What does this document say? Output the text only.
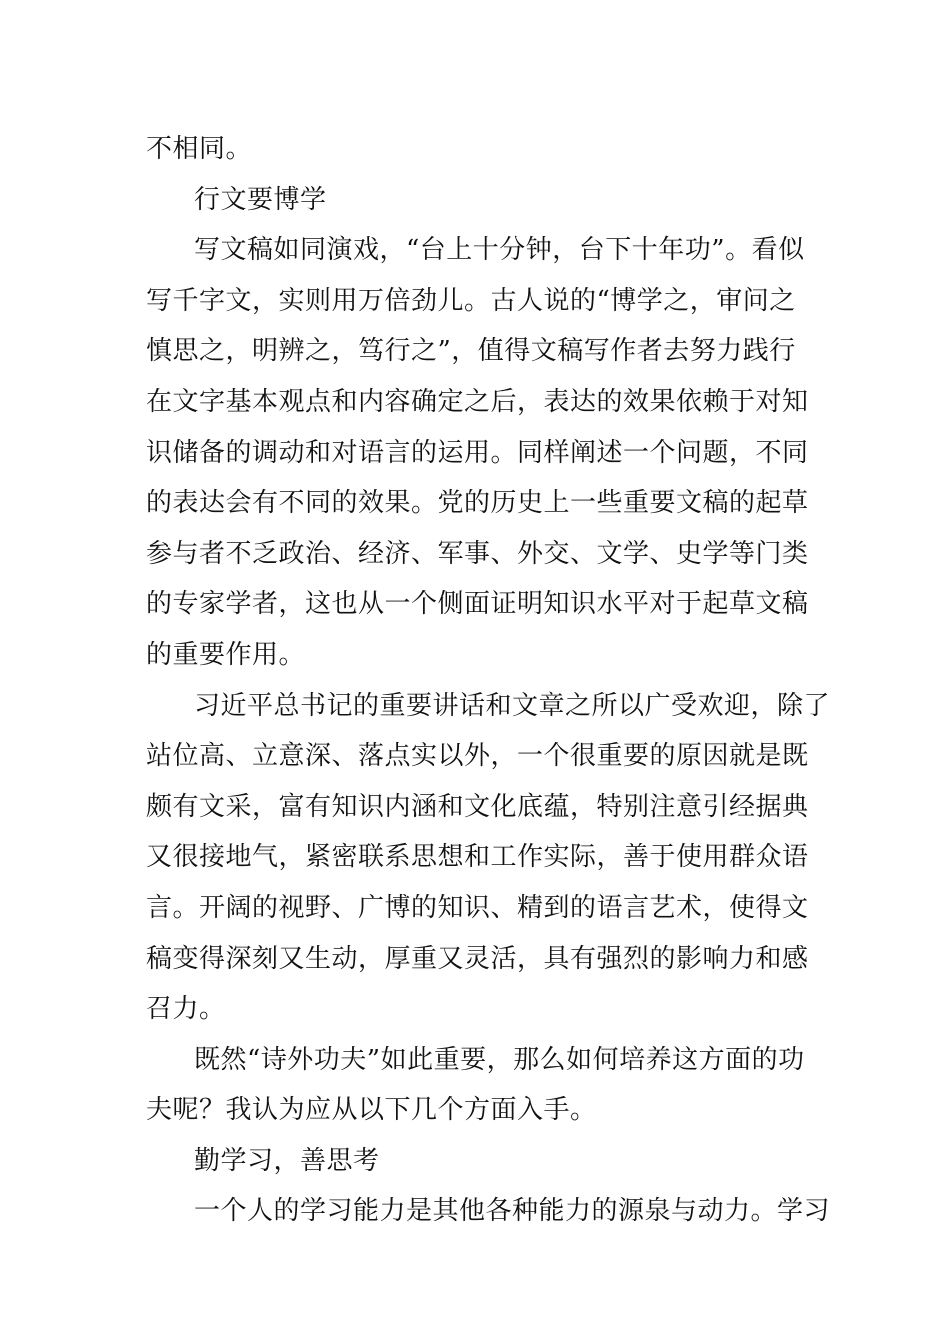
不相同。
行文要博学
写文稿如同演戏，“台上十分钟，台下十年功”。看似
写千字文，实则用万倍劲儿。古人说的“博学之，审问之
慎思之，明辨之，笃行之”，值得文稿写作者去努力践行
在文字基本观点和内容确定之后，表达的效果依赖于对知
识储备的调动和对语言的运用。同样阐述一个问题，不同
的表达会有不同的效果。党的历史上一些重要文稿的起草
参与者不乏政治、经济、军事、外交、文学、史学等门类
的专家学者，这也从一个侧面证明知识水平对于起草文稿
的重要作用。
习近平总书记的重要讲话和文章之所以广受欢迎，除了
站位高、立意深、落点实以外，一个很重要的原因就是既
颇有文采，富有知识内涵和文化底蕴，特别注意引经据典
又很接地气，紧密联系思想和工作实际，善于使用群众语
言。开阔的视野、广博的知识、精到的语言艺术，使得文
稿变得深刻又生动，厚重又灵活，具有强烈的影响力和感
召力。
既然“诗外功夫”如此重要，那么如何培养这方面的功
夫呢？我认为应从以下几个方面入手。
勤学习，善思考
一个人的学习能力是其他各种能力的源泉与动力。学习
